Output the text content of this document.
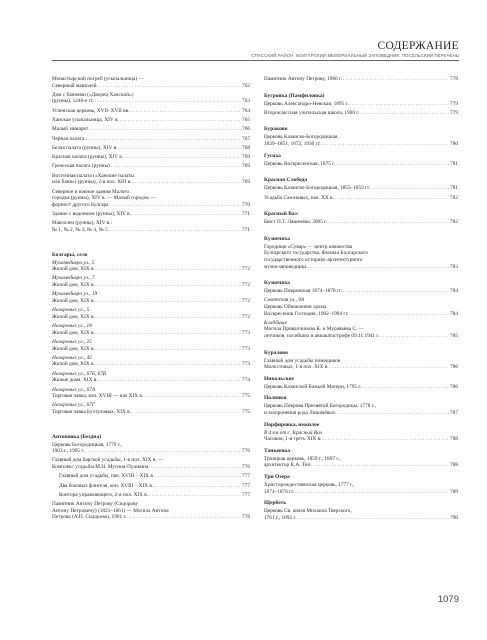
СОДЕРЖАНИЕ
СПАССКИЙ РАЙОН. БОЛГАРСКИЙ МЕМОРИАЛЬНЫЙ ЗАПОВЕДНИК. ПОСЕЛЬСКИЙ ПЕРЕЧЕНЬ
Монастырский погреб (усыпальница) —
Северный мавзолей . . .	762
Дом с баннями («Дворец Ханский»)
(руины), 1240-е гг. . . .	763
Успенская церковь, XVII–XVII вв. . . .	764
Ханская усыпальница, XIV в. . . .	765
Малый минарет . . .	766
Черная палата . . .	767
Белая палата (руины), XIV в. . . .	768
Красная палата (руины), XIV в. . . .	769
Греческая палата (руины) . . .	769
Восточная палата («Ханские палаты
или баня») (руины), 2-я пол. XIII в. . . .	769
Северное и южное здания Малого
городка (руины), XIV в. — Малый городок —
форпост другого Булгара . . .	770
Здание с водоемом (руины), XIV в. . . .	771
Мавзолеи (руины), XIV в.:
№ 1, № 2, № 3, № 4, № 5 . . .	771
Болгары, село
Мухамедьяра ул., 5
Жилой дом, XIX в. . . .	772
Мухамедьяра ул., 7
Жилой дом, XIX в. . . .	772
Мухамедьяра ул., 19
Жилой дом, XIX в. . . .	772
Назаровых ул., 5
Жилой дом, XIX в. . . .	772
Назаровых ул., 18
Жилой дом, XIX в. . . .	773
Назаровых ул., 25
Жилой дом, XIX в. . . .	773
Назаровых ул., 45
Жилой дом, XIX в. . . .	773
Назаровых ул., 67Б, 67В
Жилые дома, XIX в. . . .	774
Назаровых ул., 67А
Торговая лавка, кон. XVIII — нач XIX в. . . .	775
Назаровых ул., 67Г
Торговая лавка Бухтуловых, XIX в. . . .	775
Антоновка (Бездна)
Церковь Богородицкая, 1779 г.,
1903 г., 1995 г. . . .	776
Главный дом барской усадьбы, 1-я пол. XIX в. —
Комплекс усадьбы М.Н. Мусина-Пушкина . . .	776
Главный дом усадьбы, нач. XVIII – XIX в. . . .	777
Два боковых флигеля, кон. XVIII – XIX в. . . .	777
Контора управляющего, 2-я пол. XIX в. . . .	777
Памятник Антону Петрову (Сидорову
Антону Петровичу) (1821–1861) — Могила Антона
Петрова (А.П. Сидорова), 1961 г. . . .	778
Памятник Антону Петрову, 1966 г. . . .	778
Бугровка (Памфиловка)
Церковь Александро-Невская, 1895 г. . . .	779
Второклассная учительская школа, 1900 г. . . .	779
Бураково
Церковь Казанско-Богородицкая,
1839–1851, 1872, 1930 гг. . . .	780
Гусиха
Церковь Воскресенская, 1875 г. . . .	781
Красная Слобода
Церковь Казанско-Богородицкая, 1855–1859 гг. . . .	781
Усадьба Сазоновых, нач. XX в. . . .	782
Красный Вал
Бюст П.Т. Ляшечёва, 2005 г. . . .	782
Кузнечиха
Городище «Сувар» — центр княжества
Булгарского государства. Филиал Болгарского
государственного историко-архитектурного
музея-заповедника . . .	783
Кузнечиха
Церковь Покровская 1874–1878 гг. . . .	784
Советская ул., 9А
Церковь Обновления храма
Воскресения Господня, 1902–1904 гг. . . .	784
Кладбище
Могила Привалчинова К. и Муравьёва С. —
летчиков, погибших в авиакатастрофе 09.11.1941 г. . . .	785
Куралово
Главный дом усадьбы помещиков
Молостовых, 1-я пол. XIX в. . . .	786
Никольское
Церковь Казанской Божьей Матери, 1795 г. . . .	786
Полянки
Церковь Покрова Пресвятой Богородицы, 1778 г.,
и захоронения рода Лишачёвых . . .	787
Порфировка, нежилое
В 4 км от с. Красный Вал
Часовня, 1-я треть XIX в. . . .	788
Танкеевка
Троицкая церковь, 1859 г., 1897 г.,
архитектор К.А. Тон . . .	788
Три Озера
Христорождественская церковь, 1777 г.,
1874–1876 гг. . . .	789
Щербеть
Церковь Св. князя Михаила Тверского,
1761 г., 1892 г. . . .	790
1079
